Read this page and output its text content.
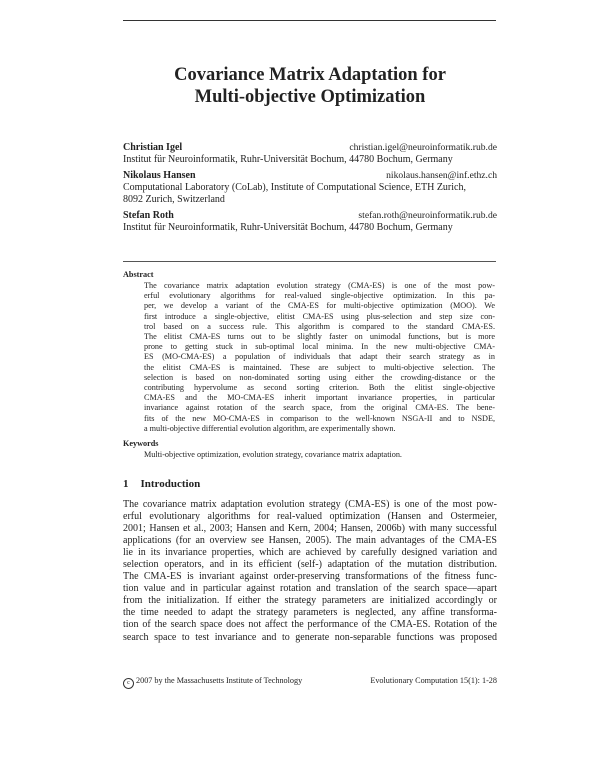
Covariance Matrix Adaptation for
Multi-objective Optimization
Christian Igel	christian.igel@neuroinformatik.rub.de
Institut für Neuroinformatik, Ruhr-Universität Bochum, 44780 Bochum, Germany
Nikolaus Hansen	nikolaus.hansen@inf.ethz.ch
Computational Laboratory (CoLab), Institute of Computational Science, ETH Zurich,
8092 Zurich, Switzerland
Stefan Roth	stefan.roth@neuroinformatik.rub.de
Institut für Neuroinformatik, Ruhr-Universität Bochum, 44780 Bochum, Germany
Abstract
The covariance matrix adaptation evolution strategy (CMA-ES) is one of the most pow-
erful evolutionary algorithms for real-valued single-objective optimization. In this pa-
per, we develop a variant of the CMA-ES for multi-objective optimization (MOO). We
first introduce a single-objective, elitist CMA-ES using plus-selection and step size con-
trol based on a success rule. This algorithm is compared to the standard CMA-ES.
The elitist CMA-ES turns out to be slightly faster on unimodal functions, but is more
prone to getting stuck in sub-optimal local minima. In the new multi-objective CMA-
ES (MO-CMA-ES) a population of individuals that adapt their search strategy as in
the elitist CMA-ES is maintained. These are subject to multi-objective selection. The
selection is based on non-dominated sorting using either the crowding-distance or the
contributing hypervolume as second sorting criterion. Both the elitist single-objective
CMA-ES and the MO-CMA-ES inherit important invariance properties, in particular
invariance against rotation of the search space, from the original CMA-ES. The bene-
fits of the new MO-CMA-ES in comparison to the well-known NSGA-II and to NSDE,
a multi-objective differential evolution algorithm, are experimentally shown.
Keywords
Multi-objective optimization, evolution strategy, covariance matrix adaptation.
1 Introduction
The covariance matrix adaptation evolution strategy (CMA-ES) is one of the most pow-
erful evolutionary algorithms for real-valued optimization (Hansen and Ostermeier,
2001; Hansen et al., 2003; Hansen and Kern, 2004; Hansen, 2006b) with many successful
applications (for an overview see Hansen, 2005). The main advantages of the CMA-ES
lie in its invariance properties, which are achieved by carefully designed variation and
selection operators, and in its efficient (self-) adaptation of the mutation distribution.
The CMA-ES is invariant against order-preserving transformations of the fitness func-
tion value and in particular against rotation and translation of the search space—apart
from the initialization. If either the strategy parameters are initialized accordingly or
the time needed to adapt the strategy parameters is neglected, any affine transforma-
tion of the search space does not affect the performance of the CMA-ES. Rotation of the
search space to test invariance and to generate non-separable functions was proposed
c 2007 by the Massachusetts Institute of Technology	Evolutionary Computation 15(1): 1-28
